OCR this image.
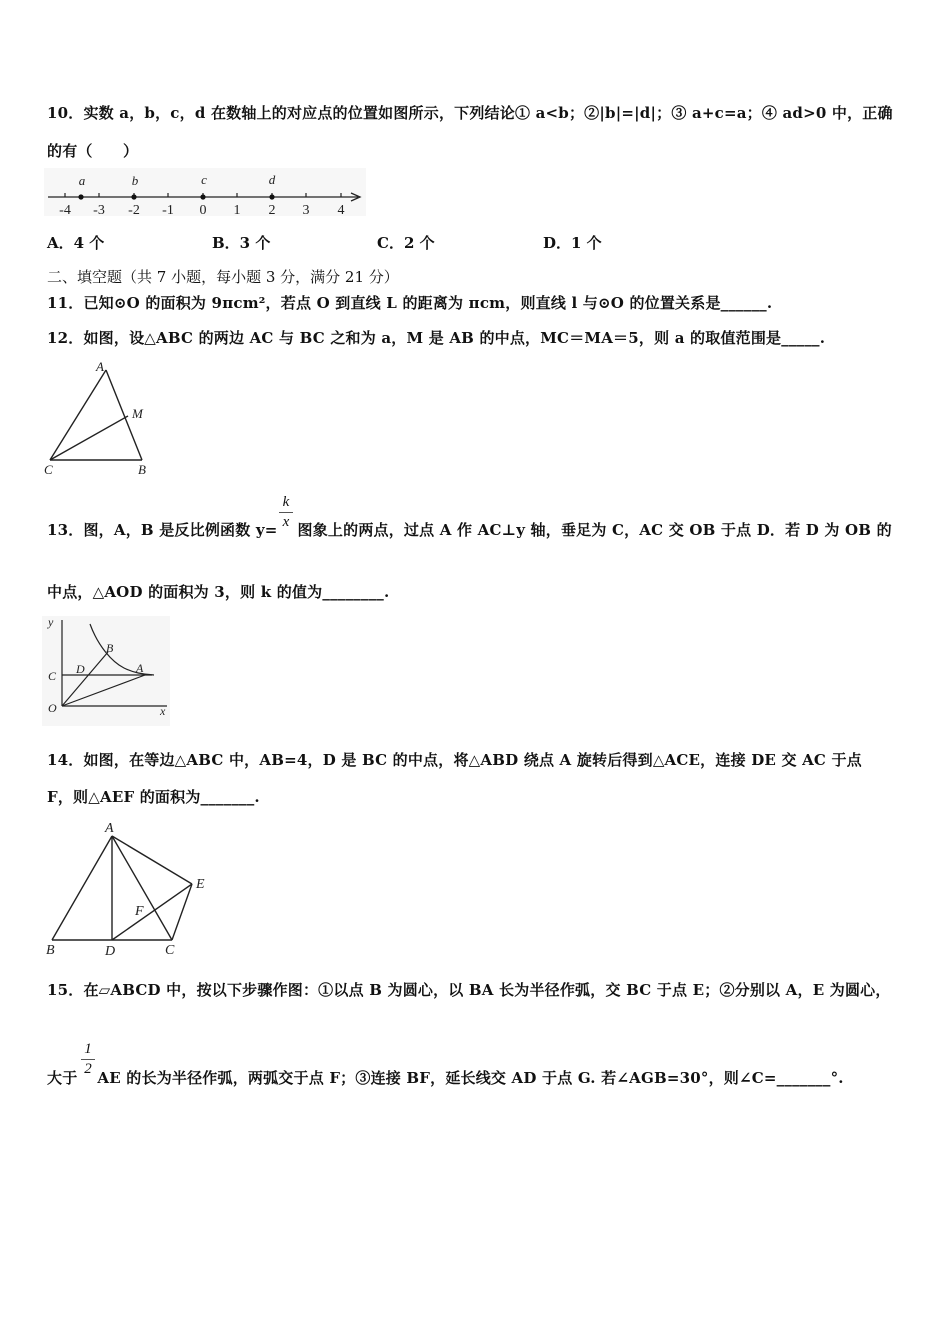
10．实数 a，b，c，d 在数轴上的对应点的位置如图所示，下列结论① a<b；②|b|=|d|；③ a+c=a；④ ad>0 中，正确
的有（　　）
-4 -3 -2 -1 0 1 2 3 4
a	b	c	d
A．4 个	B．3 个	C．2 个	D．1 个
二、填空题（共 7 小题，每小题 3 分，满分 21 分）
11．已知⊙O 的面积为 9πcm²，若点 O 到直线 L 的距离为 πcm，则直线 l 与⊙O 的位置关系是______.
12．如图，设△ABC 的两边 AC 与 BC 之和为 a，M 是 AB 的中点，MC＝MA＝5，则 a 的取值范围是_____.
A
M
C	B
13．图，A，B 是反比例函数 y= 图象上的两点，过点 A 作 AC⊥y 轴，垂足为 C，AC 交 OB 于点 D．若 D 为 OB 的
k
x
中点，△AOD 的面积为 3，则 k 的值为________.
y
B
C D	A
O	x
14．如图，在等边△ABC 中，AB=4，D 是 BC 的中点，将△ABD 绕点 A 旋转后得到△ACE，连接 DE 交 AC 于点
F，则△AEF 的面积为_______.
A
E
F
B	D	C
15．在▱ABCD 中，按以下步骤作图：①以点 B 为圆心，以 BA 长为半径作弧，交 BC 于点 E；②分别以 A，E 为圆心，
大于 AE 的长为半径作弧，两弧交于点 F；③连接 BF，延长线交 AD 于点 G. 若∠AGB=30°，则∠C=_______°.
1
2
